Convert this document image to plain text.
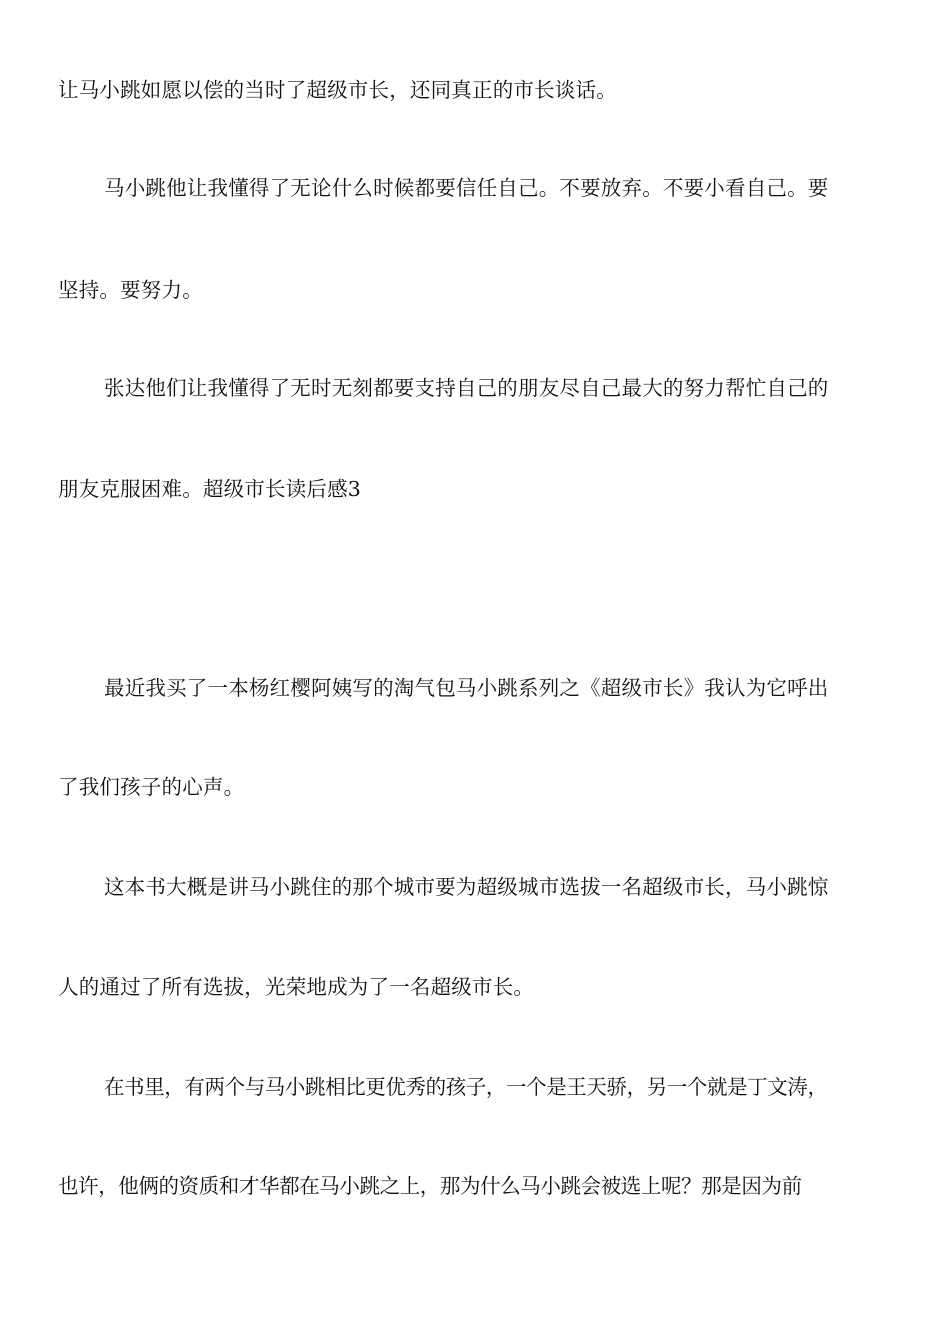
让马小跳如愿以偿的当时了超级市长，还同真正的市长谈话。
马小跳他让我懂得了无论什么时候都要信任自己。不要放弃。不要小看自己。要
坚持。要努力。
张达他们让我懂得了无时无刻都要支持自己的朋友尽自己最大的努力帮忙自己的
朋友克服困难。超级市长读后感3
最近我买了一本杨红樱阿姨写的淘气包马小跳系列之《超级市长》我认为它呼出
了我们孩子的心声。
这本书大概是讲马小跳住的那个城市要为超级城市选拔一名超级市长，马小跳惊
人的通过了所有选拔，光荣地成为了一名超级市长。
在书里，有两个与马小跳相比更优秀的孩子，一个是王天骄，另一个就是丁文涛，
也许，他俩的资质和才华都在马小跳之上，那为什么马小跳会被选上呢？那是因为前
